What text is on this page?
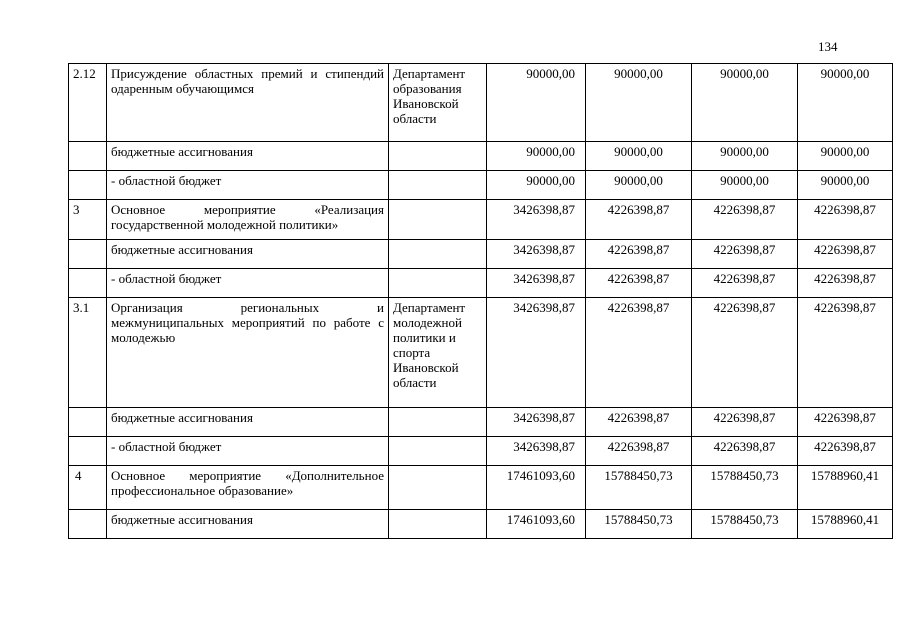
134
2.12	Присуждение областных премий и стипендий одаренным обучающимся	Департамент образования Ивановской области	90000,00	90000,00	90000,00	90000,00
	бюджетные ассигнования		90000,00	90000,00	90000,00	90000,00
	- областной бюджет		90000,00	90000,00	90000,00	90000,00
3	Основное мероприятие «Реализация государственной молодежной политики»		3426398,87	4226398,87	4226398,87	4226398,87
	бюджетные ассигнования		3426398,87	4226398,87	4226398,87	4226398,87
	- областной бюджет		3426398,87	4226398,87	4226398,87	4226398,87
3.1	Организация региональных и межмуниципальных мероприятий по работе с молодежью	Департамент молодежной политики и спорта Ивановской области	3426398,87	4226398,87	4226398,87	4226398,87
	бюджетные ассигнования		3426398,87	4226398,87	4226398,87	4226398,87
	- областной бюджет		3426398,87	4226398,87	4226398,87	4226398,87
4	Основное мероприятие «Дополнительное профессиональное образование»		17461093,60	15788450,73	15788450,73	15788960,41
	бюджетные ассигнования		17461093,60	15788450,73	15788450,73	15788960,41
